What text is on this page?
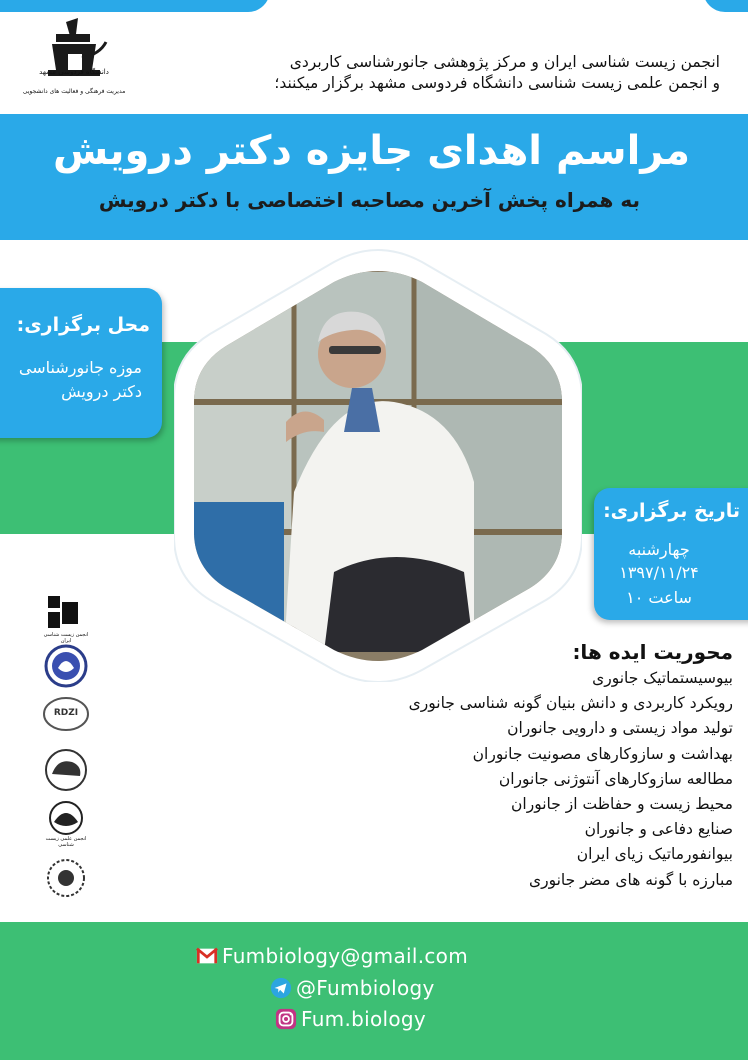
دانشگاه فردوسی مشهد
مدیریت فرهنگی و فعالیت های دانشجویی
انجمن زیست شناسی ایران و مرکز پژوهشی جانورشناسی کاربردی
و انجمن علمی زیست شناسی دانشگاه فردوسی مشهد برگزار میکنند؛
مراسم اهدای جایزه دکتر درویش
به همراه پخش آخرین مصاحبه اختصاصی با دکتر درویش
محل برگزاری:
موزه جانورشناسی
دکتر درویش
تاریخ برگزاری:
چهارشنبه
۱۳۹۷/۱۱/۲۴
ساعت ۱۰
محوریت ایده ها:
بیوسیستماتیک جانوری
رویکرد کاربردی و دانش بنیان گونه شناسی جانوری
تولید مواد زیستی و دارویی جانوران
بهداشت و سازوکارهای مصونیت جانوران
مطالعه سازوکارهای آنتوژنی جانوران
محیط زیست و حفاظت از جانوران
صنایع دفاعی و جانوران
بیوانفورماتیک زیای ایران
مبارزه با گونه های مضر جانوری
انجمن زیست شناسی ایران
RDZI
انجمن علمی زیست شناسی
Fumbiology@gmail.com
@Fumbiology
Fum.biology
